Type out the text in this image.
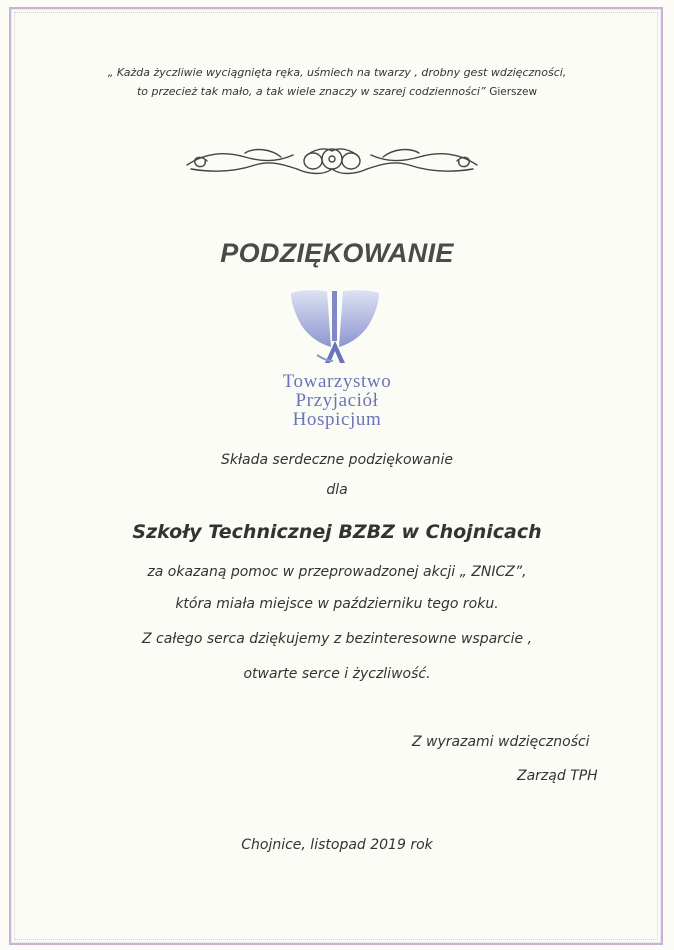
„ Każda życzliwie wyciągnięta ręka, uśmiech na twarzy , drobny gest wdzięczności,
to przecież tak mało, a tak wiele znaczy w szarej codzienności” Gierszew
PODZIĘKOWANIE
Towarzystwo
Przyjaciół
Hospicjum
Składa serdeczne podziękowanie
dla
Szkoły Technicznej BZBZ w Chojnicach
za okazaną pomoc w przeprowadzonej akcji „ ZNICZ”,
która miała miejsce w październiku tego roku.
Z całego serca dziękujemy z bezinteresowne wsparcie ,
otwarte serce i życzliwość.
Z wyrazami wdzięczności
Zarząd TPH
Chojnice, listopad 2019 rok
